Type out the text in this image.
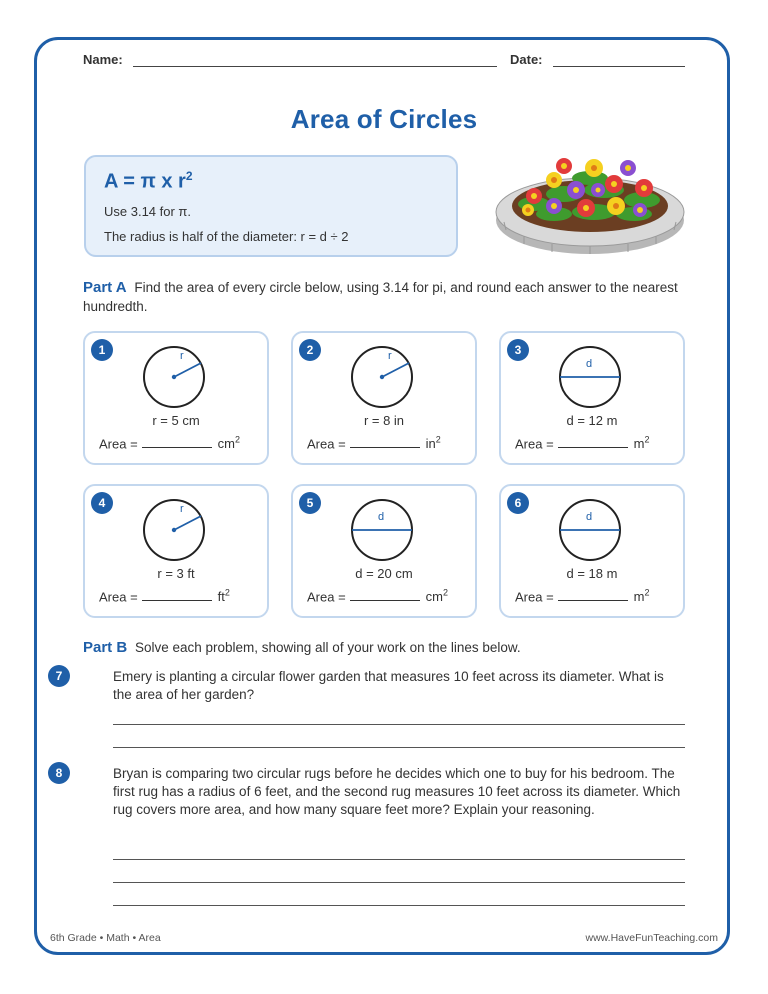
Name:	Date:
Area of Circles
A = π x $r^2$
Use 3.14 for π.
The radius is half of the diameter: r = d ÷ 2
Part A Find the area of every circle below, using 3.14 for pi, and round each answer to the nearest hundredth.
1	r
r = 5 cm
Area =	$cm^2$
2	r
r = 8 in
Area =	$in^2$
3
d
d = 12 m
Area =	$m^2$
4	r
r = 3 ft
Area =	$ft^2$
5
d
d = 20 cm
Area =	$cm^2$
6
d
d = 18 m
Area =	$m^2$
Part B Solve each problem, showing all of your work on the lines below.
7	Emery is planting a circular flower garden that measures 10 feet across its diameter. What is the area of her garden?
8	Bryan is comparing two circular rugs before he decides which one to buy for his bedroom. The first rug has a radius of 6 feet, and the second rug measures 10 feet across its diameter. Which rug covers more area, and how many square feet more? Explain your reasoning.
6th Grade • Math • Area	www.HaveFunTeaching.com
